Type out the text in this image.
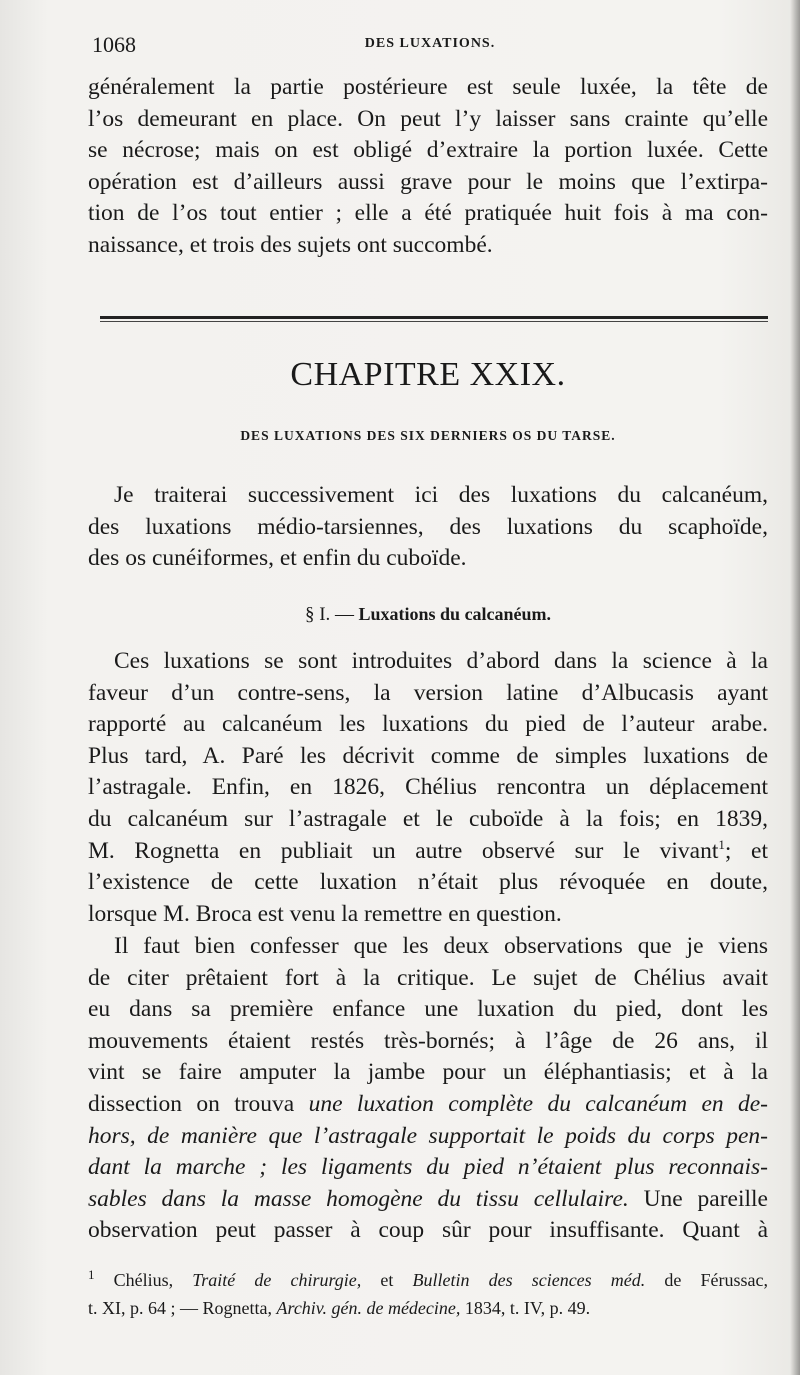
1068	DES LUXATIONS.
généralement la partie postérieure est seule luxée, la tête de
l’os demeurant en place. On peut l’y laisser sans crainte qu’elle
se nécrose; mais on est obligé d’extraire la portion luxée. Cette
opération est d’ailleurs aussi grave pour le moins que l’extirpa-
tion de l’os tout entier ; elle a été pratiquée huit fois à ma con-
naissance, et trois des sujets ont succombé.
CHAPITRE XXIX.
DES LUXATIONS DES SIX DERNIERS OS DU TARSE.
Je traiterai successivement ici des luxations du calcanéum,
des luxations médio-tarsiennes, des luxations du scaphoïde,
des os cunéiformes, et enfin du cuboïde.
§ I. — Luxations du calcanéum.
Ces luxations se sont introduites d’abord dans la science à la
faveur d’un contre-sens, la version latine d’Albucasis ayant
rapporté au calcanéum les luxations du pied de l’auteur arabe.
Plus tard, A. Paré les décrivit comme de simples luxations de
l’astragale. Enfin, en 1826, Chélius rencontra un déplacement
du calcanéum sur l’astragale et le cuboïde à la fois; en 1839,
M. Rognetta en publiait un autre observé sur le vivant$^1$; et
l’existence de cette luxation n’était plus révoquée en doute,
lorsque M. Broca est venu la remettre en question.
Il faut bien confesser que les deux observations que je viens
de citer prêtaient fort à la critique. Le sujet de Chélius avait
eu dans sa première enfance une luxation du pied, dont les
mouvements étaient restés très-bornés; à l’âge de 26 ans, il
vint se faire amputer la jambe pour un éléphantiasis; et à la
dissection on trouva une luxation complète du calcanéum en de-
hors, de manière que l’astragale supportait le poids du corps pen-
dant la marche ; les ligaments du pied n’étaient plus reconnais-
sables dans la masse homogène du tissu cellulaire. Une pareille
observation peut passer à coup sûr pour insuffisante. Quant à
$^1$ Chélius, Traité de chirurgie, et Bulletin des sciences méd. de Férussac,
t. XI, p. 64 ; — Rognetta, Archiv. gén. de médecine, 1834, t. IV, p. 49.
